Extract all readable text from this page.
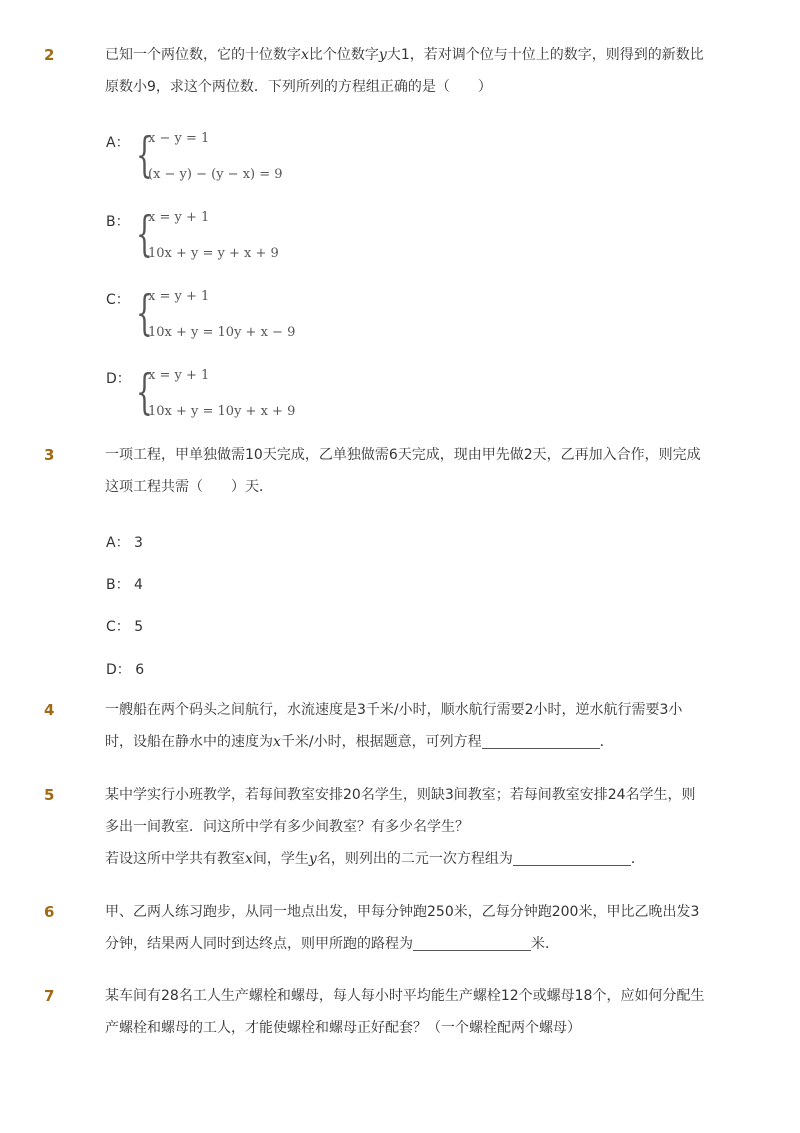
2	已知一个两位数，它的十位数字x比个位数字y大1，若对调个位与十位上的数字，则得到的新数比

原数小9，求这个两位数．下列所列的方程组正确的是（　　）

A： {
x − y = 1
(x − y) − (y − x) = 9
B： {
x = y + 1
10x + y = y + x + 9
C： {
x = y + 1
10x + y = 10y + x − 9
D： {
x = y + 1
10x + y = 10y + x + 9
3	一项工程，甲单独做需10天完成，乙单独做需6天完成，现由甲先做2天，乙再加入合作，则完成

这项工程共需（　　）天．

A： 3
B： 4
C： 5
D： 6
4	一艘船在两个码头之间航行，水流速度是3千米/小时，顺水航行需要2小时，逆水航行需要3小

时，设船在静水中的速度为x千米/小时，根据题意，可列方程	．

5	某中学实行小班教学，若每间教室安排20名学生，则缺3间教室；若每间教室安排24名学生，则

多出一间教室．问这所中学有多少间教室？有多少名学生？

若设这所中学共有教室x间，学生y名，则列出的二元一次方程组为	．

6	甲、乙两人练习跑步，从同一地点出发，甲每分钟跑250米，乙每分钟跑200米，甲比乙晚出发3

分钟，结果两人同时到达终点，则甲所跑的路程为	米．

7	某车间有28名工人生产螺栓和螺母，每人每小时平均能生产螺栓12个或螺母18个，应如何分配生

产螺栓和螺母的工人，才能使螺栓和螺母正好配套？（一个螺栓配两个螺母）
